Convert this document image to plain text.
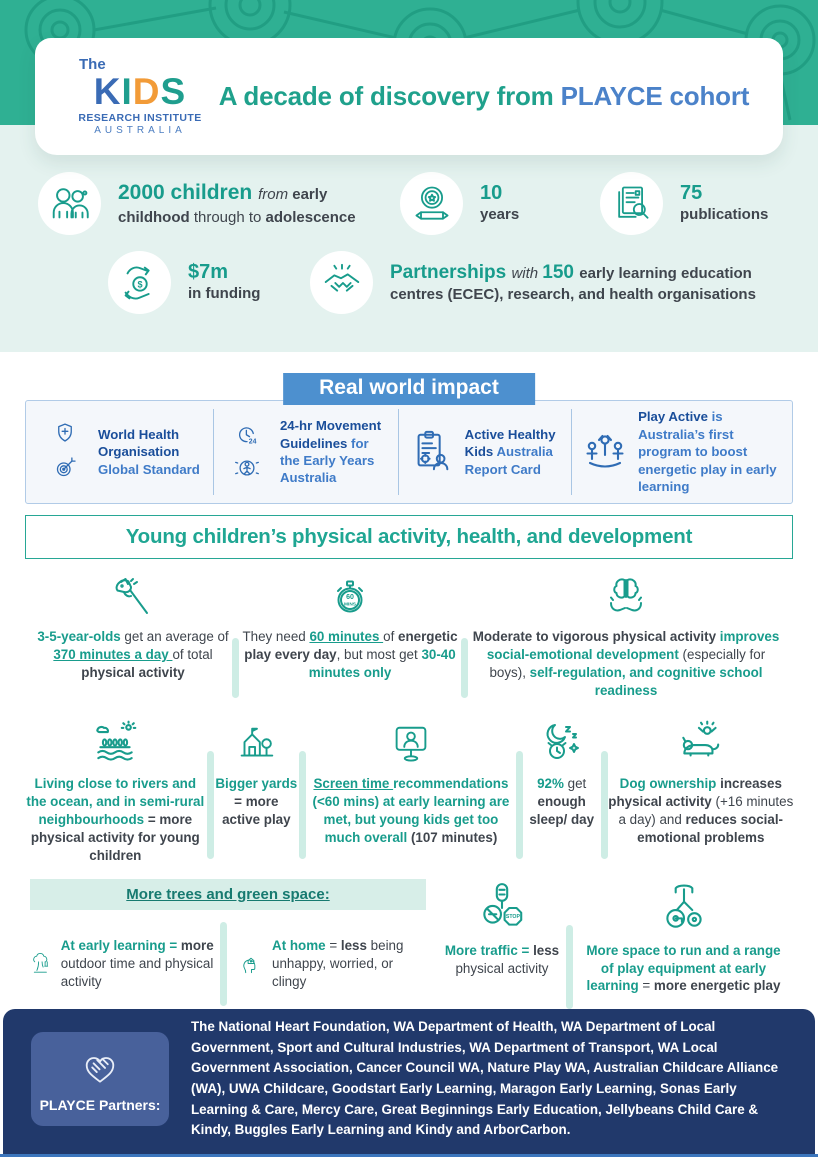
The
KIDS
RESEARCH INSTITUTE
AUSTRALIA
A decade of discovery from PLAYCE cohort
2000 children from early childhood through to adolescence
10
years
75
publications
$
$7m
in funding
Partnerships with 150 early learning education centres (ECEC), research, and health organisations
Real world impact
World Health Organisation Global Standard
24
24-hr Movement Guidelines for the Early Years Australia
Active Healthy Kids Australia Report Card
Play Active is Australia’s first program to boost energetic play in early learning
Young children’s physical activity, health, and development
3-5-year-olds get an average of 370 minutes a day of total physical activity
60
MINS
They need 60 minutes of energetic play every day, but most get 30-40 minutes only
Moderate to vigorous physical activity improves social-emotional development (especially for boys), self-regulation, and cognitive school readiness
Living close to rivers and the ocean, and in semi-rural neighbourhoods = more physical activity for young children
Bigger yards = more active play
Screen time recommendations (<60 mins) at early learning are met, but young kids get too much overall (107 minutes)
92% get enough sleep/ day
Dog ownership increases physical activity (+16 minutes a day) and reduces social-emotional problems
More trees and green space:
At early learning = more outdoor time and physical activity
At home = less being unhappy, worried, or clingy
STOP
More traffic = less physical activity
More space to run and a range of play equipment at early learning = more energetic play
PLAYCE Partners:
The National Heart Foundation, WA Department of Health, WA Department of Local Government, Sport and Cultural Industries, WA Department of Transport, WA Local Government Association, Cancer Council WA, Nature Play WA, Australian Childcare Alliance (WA), UWA Childcare, Goodstart Early Learning, Maragon Early Learning, Sonas Early Learning & Care, Mercy Care, Great Beginnings Early Education, Jellybeans Child Care & Kindy, Buggles Early Learning and Kindy and ArborCarbon.
